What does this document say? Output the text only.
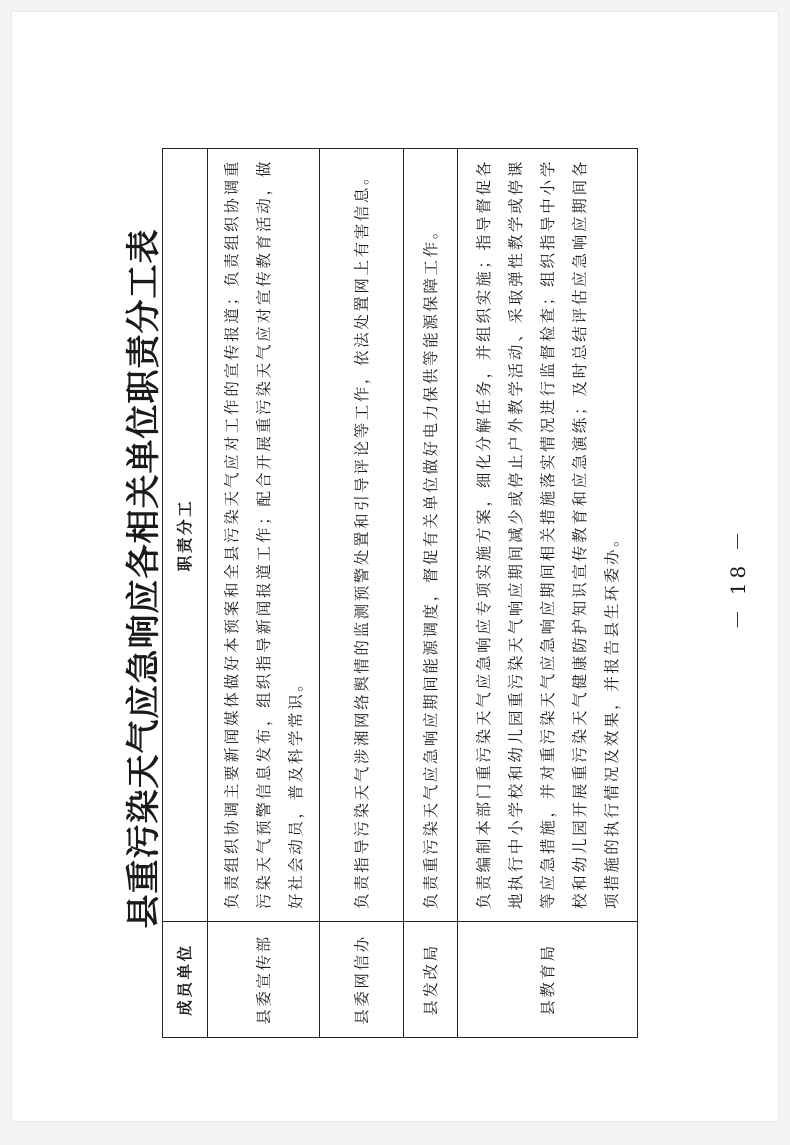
县重污染天气应急响应各相关单位职责分工表
成员单位	职责分工
县委宣传部	负责组织协调主要新闻媒体做好本预案和全县污染天气应对工作的宣传报道；负责组织协调重污染天气预警信息发布，组织指导新闻报道工作；配合开展重污染天气应对宣传教育活动，做好社会动员，普及科学常识。
县委网信办	负责指导污染天气涉湘网络舆情的监测预警处置和引导评论等工作，依法处置网上有害信息。
县发改局	负责重污染天气应急响应期间能源调度，督促有关单位做好电力保供等能源保障工作。
县教育局	负责编制本部门重污染天气应急响应专项实施方案，细化分解任务，并组织实施；指导督促各地执行中小学校和幼儿园重污染天气响应期间减少或停止户外教学活动、采取弹性教学或停课等应急措施，并对重污染天气应急响应期间相关措施落实情况进行监督检查；组织指导中小学校和幼儿园开展重污染天气健康防护知识宣传教育和应急演练；及时总结评估应急响应期间各项措施的执行情况及效果，并报告县生环委办。	－ 18 －
